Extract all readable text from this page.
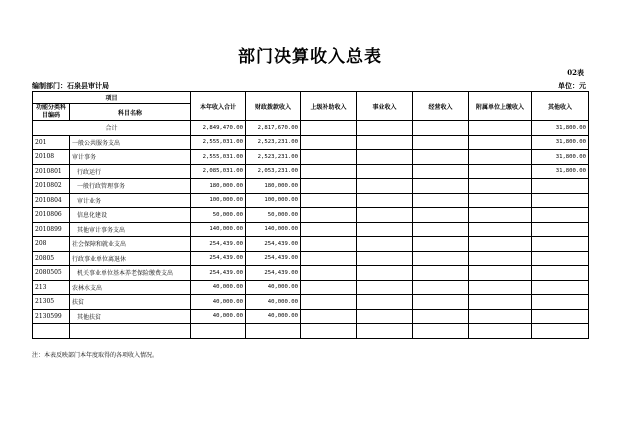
部门决算收入总表
02表
编制部门：石泉县审计局	单位：元
项目		本年收入合计	财政拨款收入	上级补助收入	事业收入	经营收入	附属单位上缴收入	其他收入
功能分类科目编码	科目名称							
合计		2,849,470.00	2,817,670.00					31,800.00
201	一般公共服务支出	2,555,031.00	2,523,231.00					31,800.00
20108	审计事务	2,555,031.00	2,523,231.00					31,800.00
2010801	行政运行	2,085,031.00	2,053,231.00					31,800.00
2010802	一般行政管理事务	180,000.00	180,000.00					
2010804	审计业务	100,000.00	100,000.00					
2010806	信息化建设	50,000.00	50,000.00					
2010899	其他审计事务支出	140,000.00	140,000.00					
208	社会保障和就业支出	254,439.00	254,439.00					
20805	行政事业单位离退休	254,439.00	254,439.00					
2080505	机关事业单位基本养老保险缴费支出	254,439.00	254,439.00					
213	农林水支出	40,000.00	40,000.00					
21305	扶贫	40,000.00	40,000.00					
2130599	其他扶贫	40,000.00	40,000.00					

注：本表反映部门本年度取得的各项收入情况。
